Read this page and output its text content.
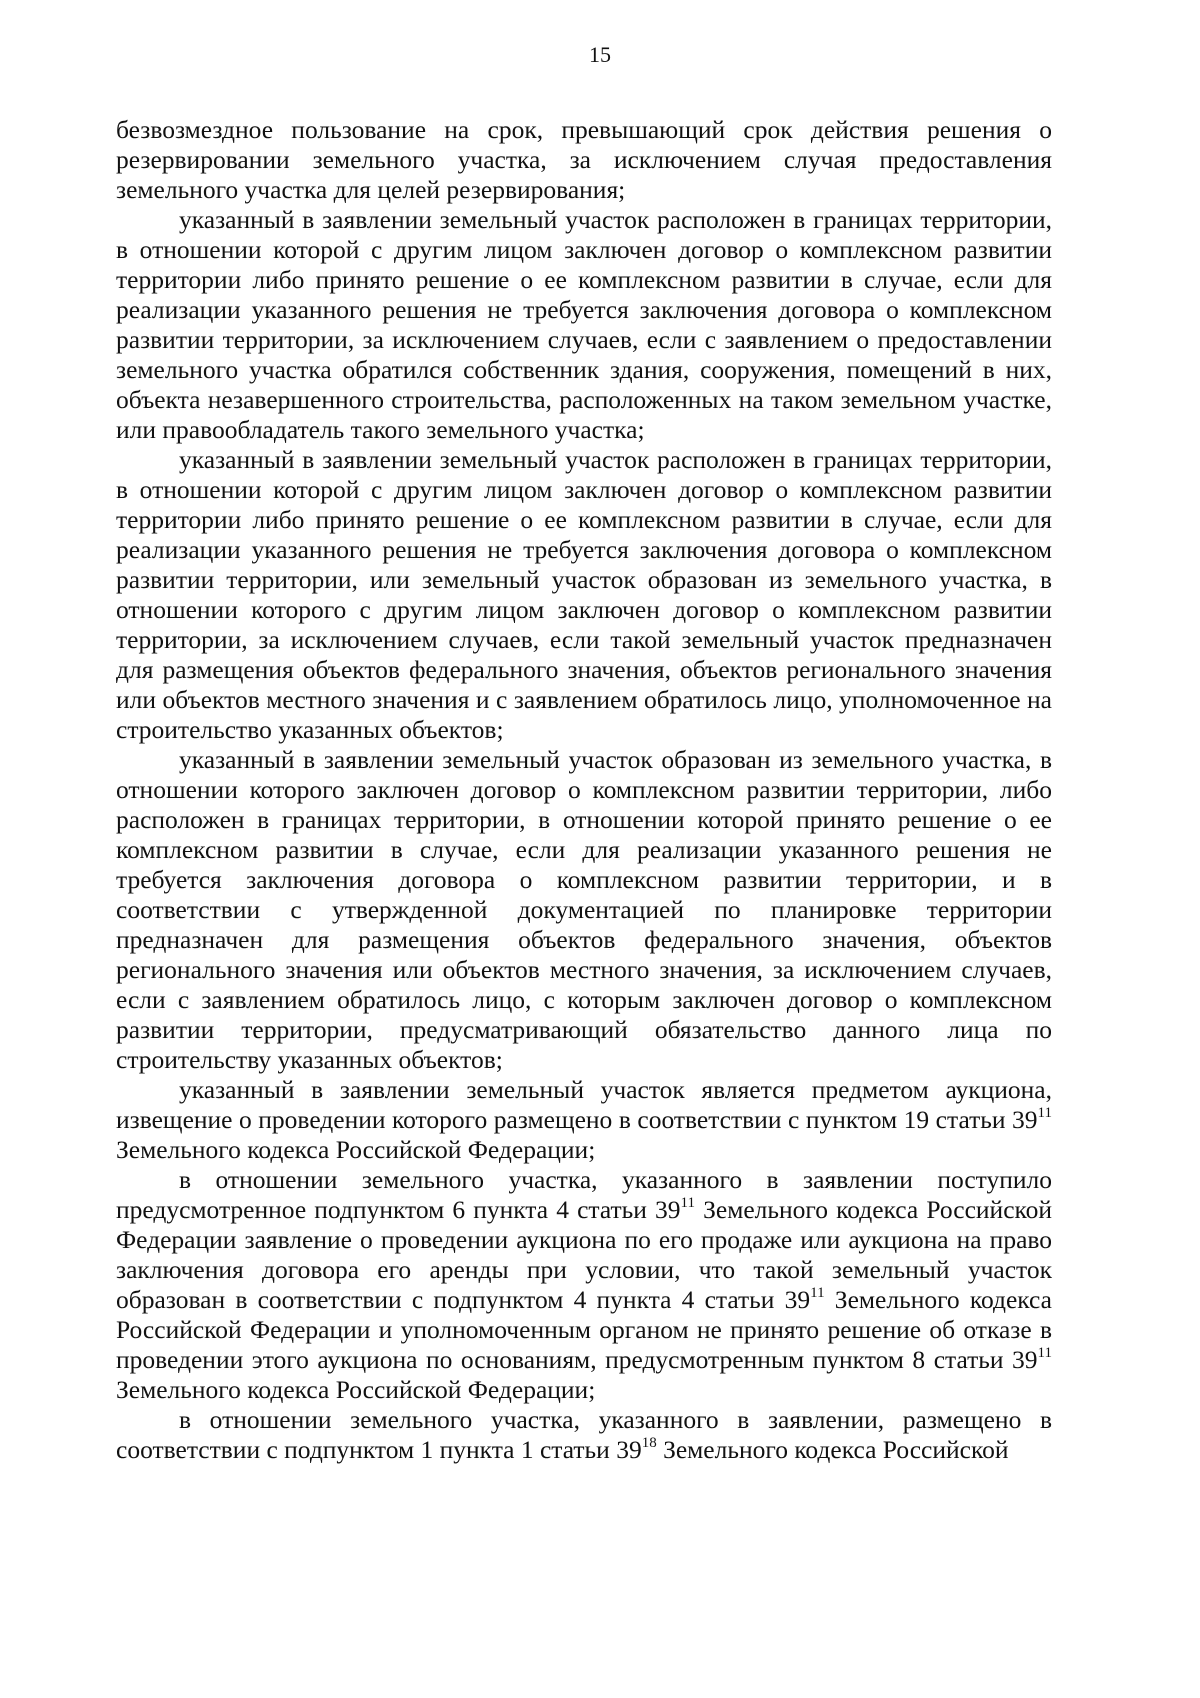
15

безвозмездное пользование на срок, превышающий срок действия решения о резервировании земельного участка, за исключением случая предоставления земельного участка для целей резервирования;

указанный в заявлении земельный участок расположен в границах территории, в отношении которой с другим лицом заключен договор о комплексном развитии территории либо принято решение о ее комплексном развитии в случае, если для реализации указанного решения не требуется заключения договора о комплексном развитии территории, за исключением случаев, если с заявлением о предоставлении земельного участка обратился собственник здания, сооружения, помещений в них, объекта незавершенного строительства, расположенных на таком земельном участке, или правообладатель такого земельного участка;

указанный в заявлении земельный участок расположен в границах территории, в отношении которой с другим лицом заключен договор о комплексном развитии территории либо принято решение о ее комплексном развитии в случае, если для реализации указанного решения не требуется заключения договора о комплексном развитии территории, или земельный участок образован из земельного участка, в отношении которого с другим лицом заключен договор о комплексном развитии территории, за исключением случаев, если такой земельный участок предназначен для размещения объектов федерального значения, объектов регионального значения или объектов местного значения и с заявлением обратилось лицо, уполномоченное на строительство указанных объектов;

указанный в заявлении земельный участок образован из земельного участка, в отношении которого заключен договор о комплексном развитии территории, либо расположен в границах территории, в отношении которой принято решение о ее комплексном развитии в случае, если для реализации указанного решения не требуется заключения договора о комплексном развитии территории, и в соответствии с утвержденной документацией по планировке территории предназначен для размещения объектов федерального значения, объектов регионального значения или объектов местного значения, за исключением случаев, если с заявлением обратилось лицо, с которым заключен договор о комплексном развитии территории, предусматривающий обязательство данного лица по строительству указанных объектов;

указанный в заявлении земельный участок является предметом аукциона, извещение о проведении которого размещено в соответствии с пунктом 19 статьи $39^{11}$ Земельного кодекса Российской Федерации;

в отношении земельного участка, указанного в заявлении поступило предусмотренное подпунктом 6 пункта 4 статьи $39^{11}$ Земельного кодекса Российской Федерации заявление о проведении аукциона по его продаже или аукциона на право заключения договора его аренды при условии, что такой земельный участок образован в соответствии с подпунктом 4 пункта 4 статьи $39^{11}$ Земельного кодекса Российской Федерации и уполномоченным органом не принято решение об отказе в проведении этого аукциона по основаниям, предусмотренным пунктом 8 статьи $39^{11}$ Земельного кодекса Российской Федерации;

в отношении земельного участка, указанного в заявлении, размещено в соответствии с подпунктом 1 пункта 1 статьи $39^{18}$ Земельного кодекса Российской
